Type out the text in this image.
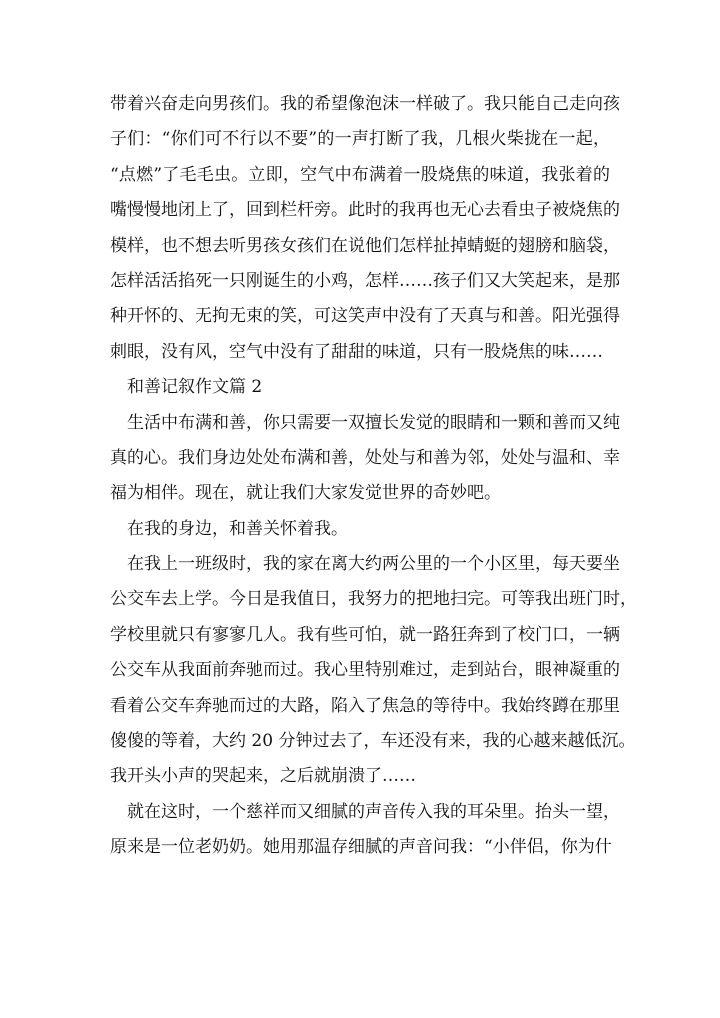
带着兴奋走向男孩们。我的希望像泡沫一样破了。我只能自己走向孩
子们：“你们可不行以不要”的一声打断了我，几根火柴拢在一起，
“点燃”了毛毛虫。立即，空气中布满着一股烧焦的味道，我张着的
嘴慢慢地闭上了，回到栏杆旁。此时的我再也无心去看虫子被烧焦的
模样，也不想去听男孩女孩们在说他们怎样扯掉蜻蜓的翅膀和脑袋，
怎样活活掐死一只刚诞生的小鸡，怎样……孩子们又大笑起来，是那
种开怀的、无拘无束的笑，可这笑声中没有了天真与和善。阳光强得
刺眼，没有风，空气中没有了甜甜的味道，只有一股烧焦的味……
和善记叙作文篇 2
生活中布满和善，你只需要一双擅长发觉的眼睛和一颗和善而又纯
真的心。我们身边处处布满和善，处处与和善为邻，处处与温和、幸
福为相伴。现在，就让我们大家发觉世界的奇妙吧。
在我的身边，和善关怀着我。
在我上一班级时，我的家在离大约两公里的一个小区里，每天要坐
公交车去上学。今日是我值日，我努力的把地扫完。可等我出班门时，
学校里就只有寥寥几人。我有些可怕，就一路狂奔到了校门口，一辆
公交车从我面前奔驰而过。我心里特别难过，走到站台，眼神凝重的
看着公交车奔驰而过的大路，陷入了焦急的等待中。我始终蹲在那里
傻傻的等着，大约 20 分钟过去了，车还没有来，我的心越来越低沉。
我开头小声的哭起来，之后就崩溃了……
就在这时，一个慈祥而又细腻的声音传入我的耳朵里。抬头一望，
原来是一位老奶奶。她用那温存细腻的声音问我：“小伴侣，你为什
